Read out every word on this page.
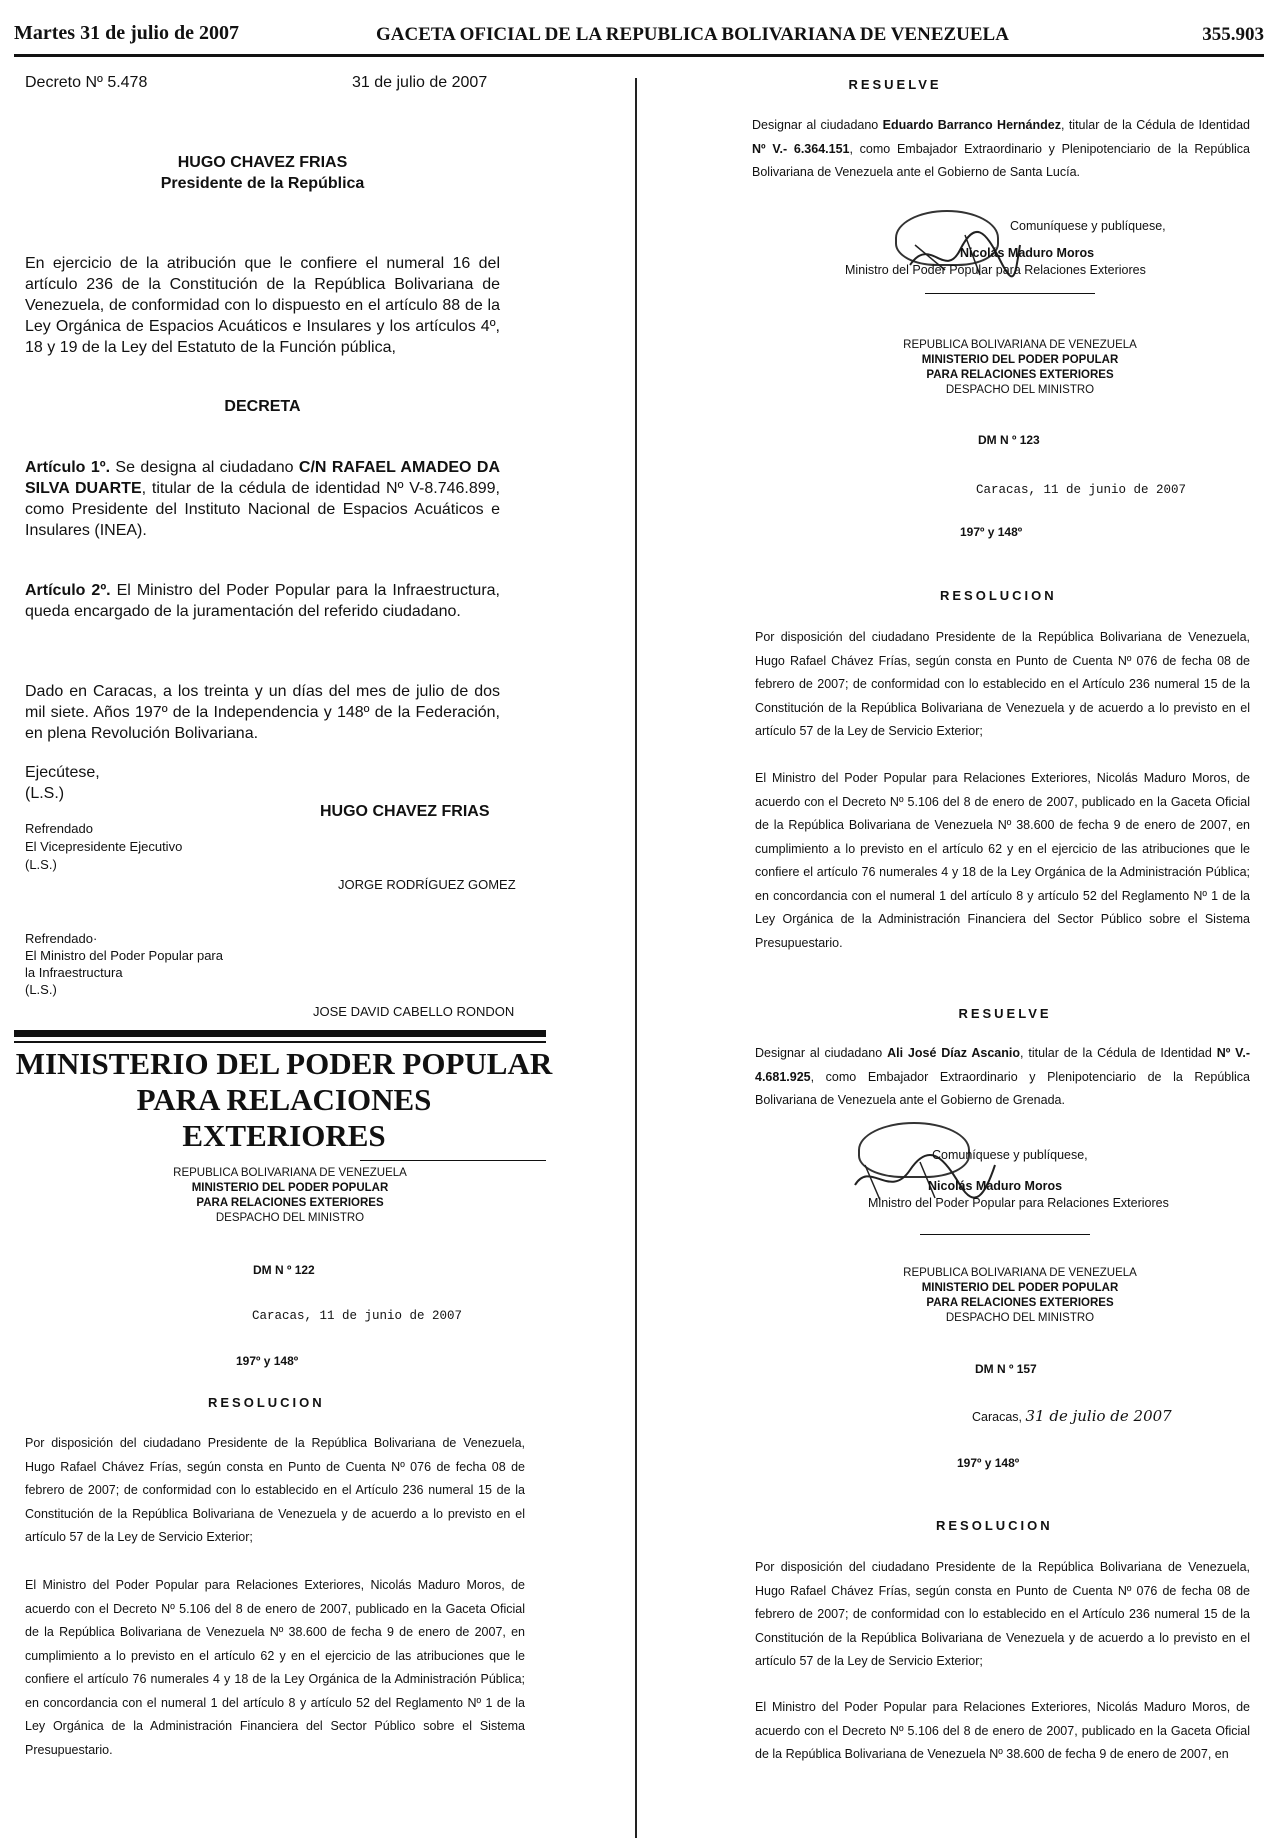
Martes 31 de julio de 2007	GACETA OFICIAL DE LA REPUBLICA BOLIVARIANA DE VENEZUELA	355.903
Decreto Nº 5.478	31 de julio de 2007
HUGO CHAVEZ FRIAS
Presidente de la República
En ejercicio de la atribución que le confiere el numeral 16 del artículo 236 de la Constitución de la República Bolivariana de Venezuela, de conformidad con lo dispuesto en el artículo 88 de la Ley Orgánica de Espacios Acuáticos e Insulares y los artículos 4º, 18 y 19 de la Ley del Estatuto de la Función pública,
DECRETA
Artículo 1º. Se designa al ciudadano C/N RAFAEL AMADEO DA SILVA DUARTE, titular de la cédula de identidad Nº V-8.746.899, como Presidente del Instituto Nacional de Espacios Acuáticos e Insulares (INEA).
Artículo 2º. El Ministro del Poder Popular para la Infraestructura, queda encargado de la juramentación del referido ciudadano.
Dado en Caracas, a los treinta y un días del mes de julio de dos mil siete. Años 197º de la Independencia y 148º de la Federación, en plena Revolución Bolivariana.
Ejecútese,
(L.S.)
HUGO CHAVEZ FRIAS
Refrendado
El Vicepresidente Ejecutivo
(L.S.)
JORGE RODRÍGUEZ GOMEZ
Refrendado·
El Ministro del Poder Popular para
la Infraestructura
(L.S.)
JOSE DAVID CABELLO RONDON
MINISTERIO DEL PODER POPULAR
PARA RELACIONES
EXTERIORES
REPUBLICA BOLIVARIANA DE VENEZUELA
MINISTERIO DEL PODER POPULAR
PARA RELACIONES EXTERIORES
DESPACHO DEL MINISTRO
DM N º 122
Caracas, 11 de junio de 2007
197º y 148º
RESOLUCION
Por disposición del ciudadano Presidente de la República Bolivariana de Venezuela, Hugo Rafael Chávez Frías, según consta en Punto de Cuenta Nº 076 de fecha 08 de febrero de 2007; de conformidad con lo establecido en el Artículo 236 numeral 15 de la Constitución de la República Bolivariana de Venezuela y de acuerdo a lo previsto en el artículo 57 de la Ley de Servicio Exterior;
El Ministro del Poder Popular para Relaciones Exteriores, Nicolás Maduro Moros, de acuerdo con el Decreto Nº 5.106 del 8 de enero de 2007, publicado en la Gaceta Oficial de la República Bolivariana de Venezuela Nº 38.600 de fecha 9 de enero de 2007, en cumplimiento a lo previsto en el artículo 62 y en el ejercicio de las atribuciones que le confiere el artículo 76 numerales 4 y 18 de la Ley Orgánica de la Administración Pública; en concordancia con el numeral 1 del artículo 8 y artículo 52 del Reglamento Nº 1 de la Ley Orgánica de la Administración Financiera del Sector Público sobre el Sistema Presupuestario.
RESUELVE
Designar al ciudadano Eduardo Barranco Hernández, titular de la Cédula de Identidad Nº V.- 6.364.151, como Embajador Extraordinario y Plenipotenciario de la República Bolivariana de Venezuela ante el Gobierno de Santa Lucía.
Comuníquese y publíquese,
Nicolás Maduro Moros
Ministro del Poder Popular para Relaciones Exteriores
REPUBLICA BOLIVARIANA DE VENEZUELA
MINISTERIO DEL PODER POPULAR
PARA RELACIONES EXTERIORES
DESPACHO DEL MINISTRO
DM N º 123
Caracas, 11 de junio de 2007
197º y 148º
RESOLUCION
Por disposición del ciudadano Presidente de la República Bolivariana de Venezuela, Hugo Rafael Chávez Frías, según consta en Punto de Cuenta Nº 076 de fecha 08 de febrero de 2007; de conformidad con lo establecido en el Artículo 236 numeral 15 de la Constitución de la República Bolivariana de Venezuela y de acuerdo a lo previsto en el artículo 57 de la Ley de Servicio Exterior;
El Ministro del Poder Popular para Relaciones Exteriores, Nicolás Maduro Moros, de acuerdo con el Decreto Nº 5.106 del 8 de enero de 2007, publicado en la Gaceta Oficial de la República Bolivariana de Venezuela Nº 38.600 de fecha 9 de enero de 2007, en cumplimiento a lo previsto en el artículo 62 y en el ejercicio de las atribuciones que le confiere el artículo 76 numerales 4 y 18 de la Ley Orgánica de la Administración Pública; en concordancia con el numeral 1 del artículo 8 y artículo 52 del Reglamento Nº 1 de la Ley Orgánica de la Administración Financiera del Sector Público sobre el Sistema Presupuestario.
RESUELVE
Designar al ciudadano Ali José Díaz Ascanio, titular de la Cédula de Identidad Nº V.- 4.681.925, como Embajador Extraordinario y Plenipotenciario de la República Bolivariana de Venezuela ante el Gobierno de Grenada.
Comuníquese y publíquese,
Nicolás Maduro Moros
Ministro del Poder Popular para Relaciones Exteriores
REPUBLICA BOLIVARIANA DE VENEZUELA
MINISTERIO DEL PODER POPULAR
PARA RELACIONES EXTERIORES
DESPACHO DEL MINISTRO
DM N º 157
Caracas, 31 de julio de 2007
197º y 148º
RESOLUCION
Por disposición del ciudadano Presidente de la República Bolivariana de Venezuela, Hugo Rafael Chávez Frías, según consta en Punto de Cuenta Nº 076 de fecha 08 de febrero de 2007; de conformidad con lo establecido en el Artículo 236 numeral 15 de la Constitución de la República Bolivariana de Venezuela y de acuerdo a lo previsto en el artículo 57 de la Ley de Servicio Exterior;
El Ministro del Poder Popular para Relaciones Exteriores, Nicolás Maduro Moros, de acuerdo con el Decreto Nº 5.106 del 8 de enero de 2007, publicado en la Gaceta Oficial de la República Bolivariana de Venezuela Nº 38.600 de fecha 9 de enero de 2007, en
